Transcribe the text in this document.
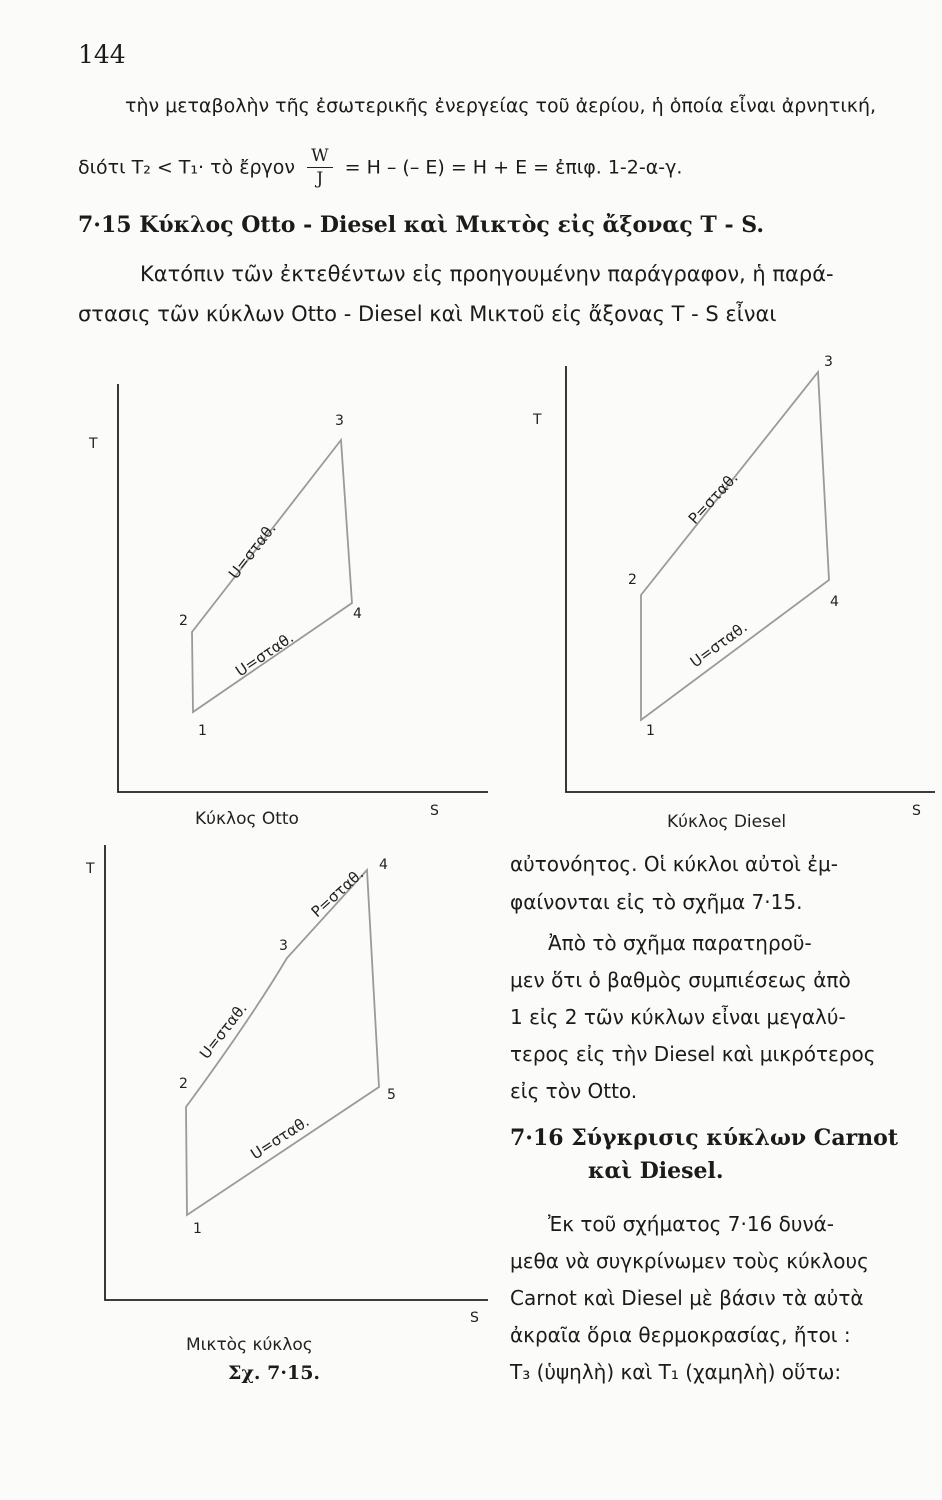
144
τὴν μεταβολὴν τῆς ἐσωτερικῆς ἐνεργείας τοῦ ἀερίου, ἡ ὁποία εἶναι ἀρνητική,
διότι T₂ < T₁· τὸ ἔργον $\frac{W}{J} = H$ – (– E) = H + E = ἐπιφ. 1-2-α-γ.
7·15 Κύκλος Otto - Diesel καὶ Μικτὸς εἰς ἄξονας T - S.
Κατόπιν τῶν ἐκτεθέντων εἰς προηγουμένην παράγραφον, ἡ παρά-
στασις τῶν κύκλων Otto - Diesel καὶ Μικτοῦ εἰς ἄξονας T - S εἶναι
T
S
1
2
3
4
U=σταθ.
U=σταθ.
Κύκλος Otto
T
S
1
2
3
4
P=σταθ.
U=σταθ.
Κύκλος Diesel
T
S
1
2
3
4
5
P=σταθ.
U=σταθ.
U=σταθ.
Μικτὸς κύκλος
αὐτονόητος. Οἱ κύκλοι αὐτοὶ ἐμ-
φαίνονται εἰς τὸ σχῆμα 7·15.
Ἀπὸ τὸ σχῆμα παρατηροῦ-
μεν ὅτι ὁ βαθμὸς συμπιέσεως ἀπὸ
1 εἰς 2 τῶν κύκλων εἶναι μεγαλύ-
τερος εἰς τὴν Diesel καὶ μικρότερος
εἰς τὸν Otto.
7·16 Σύγκρισις κύκλων Carnot
καὶ Diesel.
Ἐκ τοῦ σχήματος 7·16 δυνά-
μεθα νὰ συγκρίνωμεν τοὺς κύκλους
Carnot καὶ Diesel μὲ βάσιν τὰ αὐτὰ
ἀκραῖα ὅρια θερμοκρασίας, ἤτοι :
T₃ (ὑψηλὴ) καὶ T₁ (χαμηλὴ) οὕτω:
Σχ. 7·15.
